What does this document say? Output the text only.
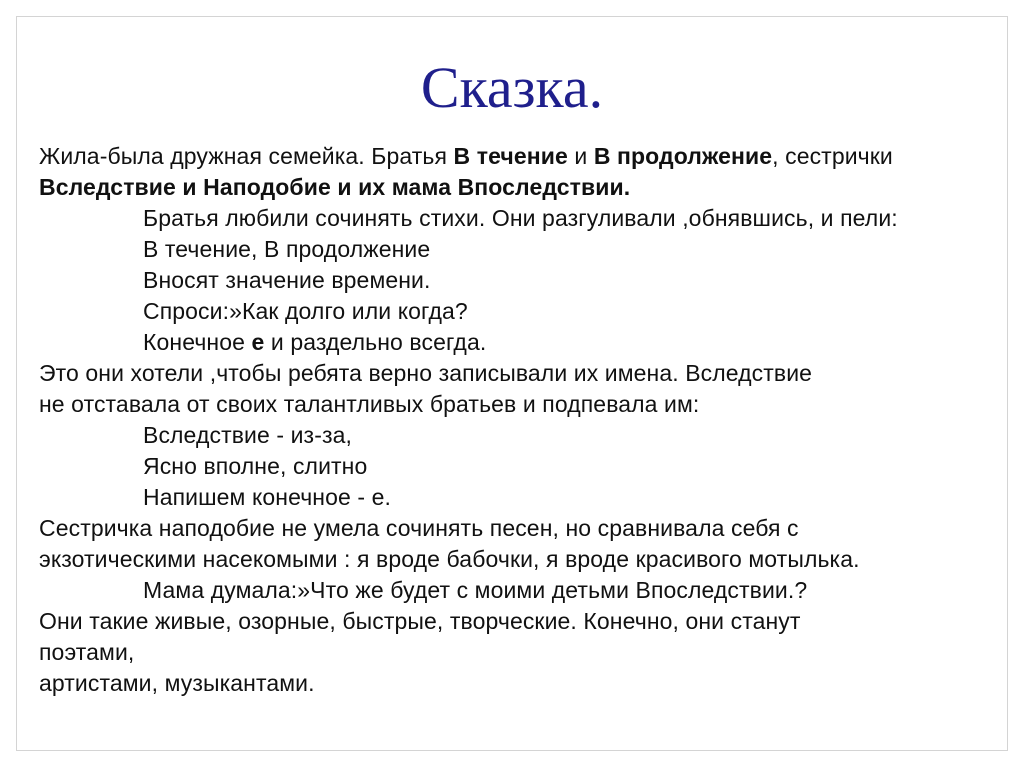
Сказка.
Жила-была дружная семейка. Братья В течение и В продолжение, сестрички
Вследствие и Наподобие и их мама Впоследствии.
Братья любили сочинять стихи. Они разгуливали ,обнявшись, и пели:
В течение, В продолжение
Вносят значение времени.
Спроси:»Как долго или когда?
Конечное е и раздельно всегда.
Это они хотели ,чтобы ребята верно записывали их имена. Вследствие
не отставала от своих талантливых братьев и подпевала им:
Вследствие - из-за,
Ясно вполне, слитно
Напишем конечное - е.
Сестричка наподобие не умела сочинять песен, но сравнивала себя с
экзотическими насекомыми : я вроде бабочки, я вроде красивого мотылька.
Мама думала:»Что же будет с моими детьми Впоследствии.?
Они такие живые, озорные, быстрые, творческие. Конечно, они станут
поэтами,
артистами, музыкантами.
